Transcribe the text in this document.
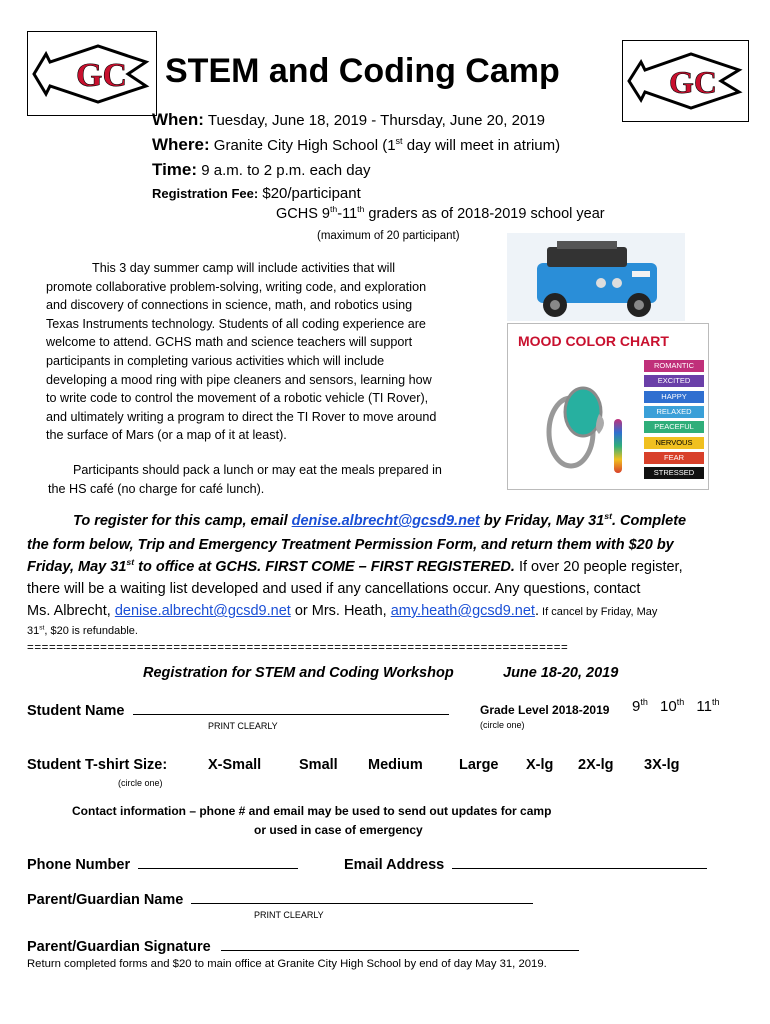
GC	GC
STEM and Coding Camp
When: Tuesday, June 18, 2019 - Thursday, June 20, 2019
Where: Granite City High School (1st day will meet in atrium)
Time: 9 a.m. to 2 p.m. each day
Registration Fee: $20/participant
GCHS 9th-11th graders as of 2018-2019 school year
(maximum of 20 participant)
MOOD COLOR CHART
ROMANTIC
EXCITED
HAPPY
RELAXED
PEACEFUL
NERVOUS
FEAR
STRESSED
This 3 day summer camp will include activities that will
promote collaborative problem-solving, writing code, and exploration
and discovery of connections in science, math, and robotics using
Texas Instruments technology. Students of all coding experience are
welcome to attend. GCHS math and science teachers will support
participants in completing various activities which will include
developing a mood ring with pipe cleaners and sensors, learning how
to write code to control the movement of a robotic vehicle (TI Rover),
and ultimately writing a program to direct the TI Rover to move around
the surface of Mars (or a map of it at least).
Participants should pack a lunch or may eat the meals prepared in
the HS café (no charge for café lunch).
To register for this camp, email denise.albrecht@gcsd9.net by Friday, May 31st. Complete
the form below, Trip and Emergency Treatment Permission Form, and return them with $20 by
Friday, May 31st to office at GCHS. FIRST COME – FIRST REGISTERED. If over 20 people register,
there will be a waiting list developed and used if any cancellations occur. Any questions, contact
Ms. Albrecht, denise.albrecht@gcsd9.net or Mrs. Heath, amy.heath@gcsd9.net. If cancel by Friday, May
31st, $20 is refundable.
==========================================================================
Registration for STEM and Coding Workshop	June 18-20, 2019
Student Name
PRINT CLEARLY
Grade Level 2018-2019 9th 10th 11th
(circle one)
Student T-shirt Size:
(circle one)
X-Small	Small Medium Large X-lg 2X-lg 3X-lg
Contact information – phone # and email may be used to send out updates for camp
or used in case of emergency
Phone Number	Email Address
Parent/Guardian Name
PRINT CLEARLY
Parent/Guardian Signature
Return completed forms and $20 to main office at Granite City High School by end of day May 31, 2019.
